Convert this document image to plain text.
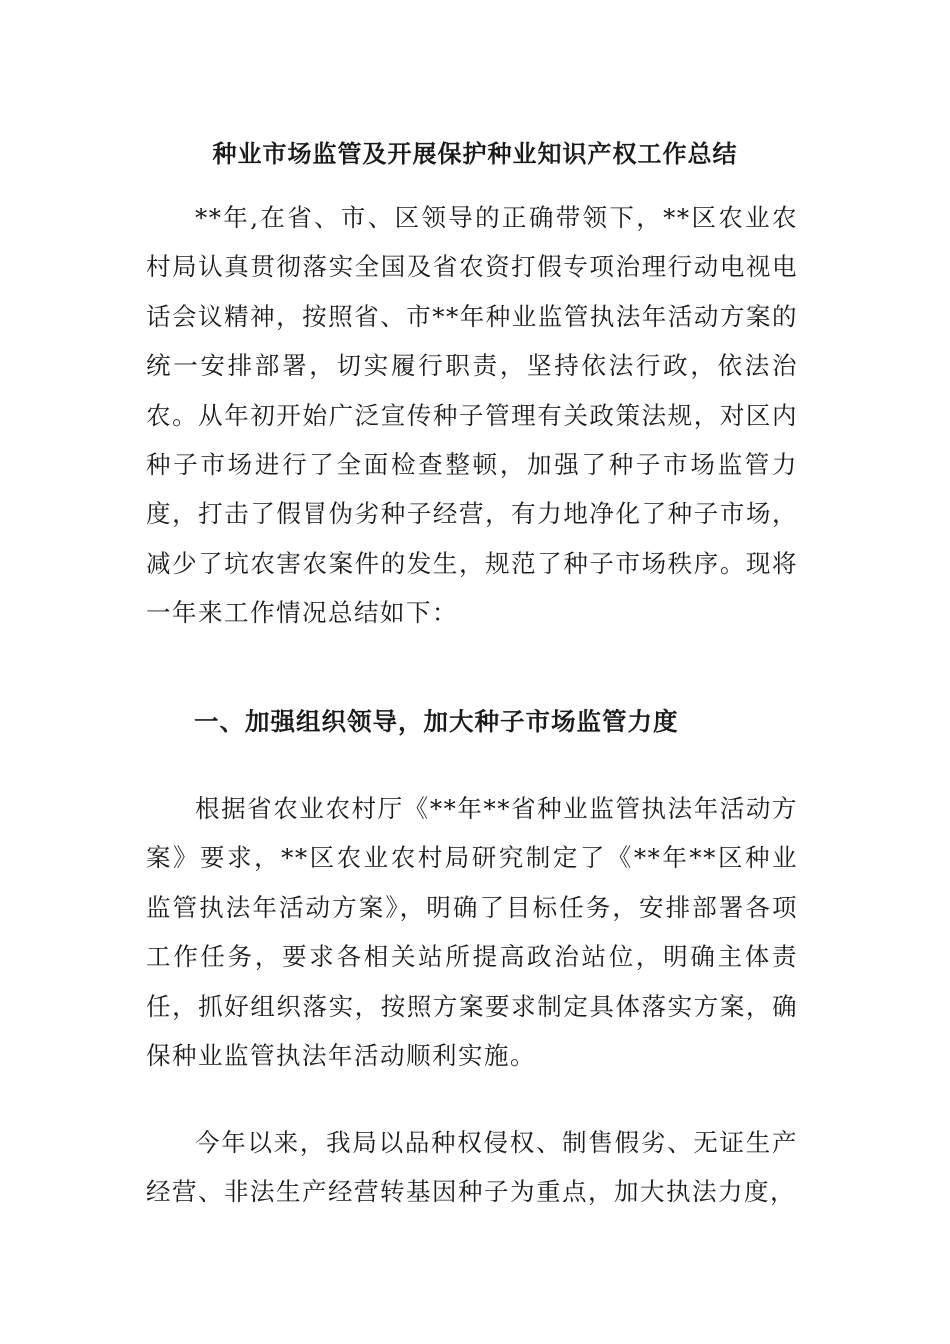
种业市场监管及开展保护种业知识产权工作总结

**年,在省、市、区领导的正确带领下，**区农业农村局认真贯彻落实全国及省农资打假专项治理行动电视电话会议精神，按照省、市**年种业监管执法年活动方案的统一安排部署，切实履行职责，坚持依法行政，依法治农。从年初开始广泛宣传种子管理有关政策法规，对区内种子市场进行了全面检查整顿，加强了种子市场监管力度，打击了假冒伪劣种子经营，有力地净化了种子市场，减少了坑农害农案件的发生，规范了种子市场秩序。现将一年来工作情况总结如下：

一、加强组织领导，加大种子市场监管力度

根据省农业农村厅《**年**省种业监管执法年活动方案》要求，**区农业农村局研究制定了《**年**区种业监管执法年活动方案》，明确了目标任务，安排部署各项工作任务，要求各相关站所提高政治站位，明确主体责任，抓好组织落实，按照方案要求制定具体落实方案，确保种业监管执法年活动顺利实施。

今年以来，我局以品种权侵权、制售假劣、无证生产经营、非法生产经营转基因种子为重点，加大执法力度，
